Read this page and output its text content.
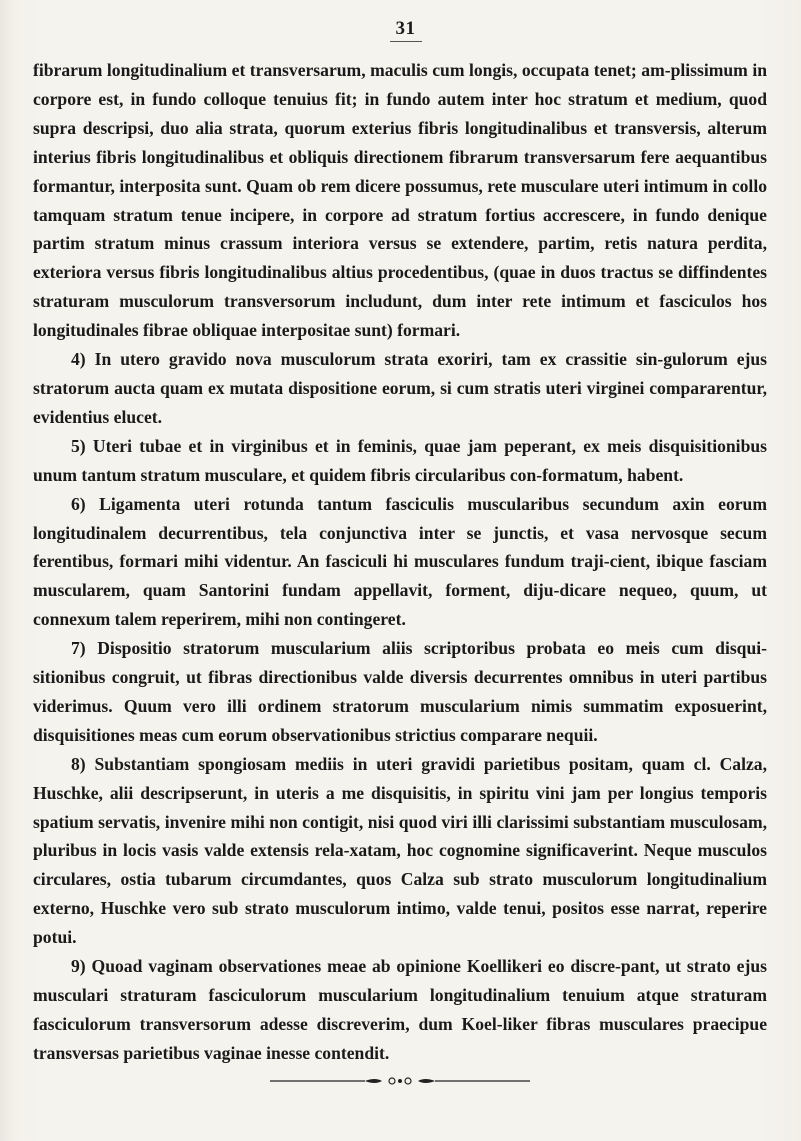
31

fibrarum longitudinalium et transversarum, maculis cum longis, occupata tenet; am-plissimum in corpore est, in fundo colloque tenuius fit; in fundo autem inter hoc stratum et medium, quod supra descripsi, duo alia strata, quorum exterius fibris longitudinalibus et transversis, alterum interius fibris longitudinalibus et obliquis directionem fibrarum transversarum fere aequantibus formantur, interposita sunt. Quam ob rem dicere possumus, rete musculare uteri intimum in collo tamquam stratum tenue incipere, in corpore ad stratum fortius accrescere, in fundo denique partim stratum minus crassum interiora versus se extendere, partim, retis natura perdita, exteriora versus fibris longitudinalibus altius procedentibus, (quae in duos tractus se diffindentes straturam musculorum transversorum includunt, dum inter rete intimum et fasciculos hos longitudinales fibrae obliquae interpositae sunt) formari.

4) In utero gravido nova musculorum strata exoriri, tam ex crassitie sin-gulorum ejus stratorum aucta quam ex mutata dispositione eorum, si cum stratis uteri virginei compararentur, evidentius elucet.

5) Uteri tubae et in virginibus et in feminis, quae jam peperant, ex meis disquisitionibus unum tantum stratum musculare, et quidem fibris circularibus con-formatum, habent.

6) Ligamenta uteri rotunda tantum fasciculis muscularibus secundum axin eorum longitudinalem decurrentibus, tela conjunctiva inter se junctis, et vasa nervosque secum ferentibus, formari mihi videntur. An fasciculi hi musculares fundum traji-cient, ibique fasciam muscularem, quam Santorini fundam appellavit, forment, diju-dicare nequeo, quum, ut connexum talem reperirem, mihi non contingeret.

7) Dispositio stratorum muscularium aliis scriptoribus probata eo meis cum disqui-sitionibus congruit, ut fibras directionibus valde diversis decurrentes omnibus in uteri partibus viderimus. Quum vero illi ordinem stratorum muscularium nimis summatim exposuerint, disquisitiones meas cum eorum observationibus strictius comparare nequii.

8) Substantiam spongiosam mediis in uteri gravidi parietibus positam, quam cl. Calza, Huschke, alii descripserunt, in uteris a me disquisitis, in spiritu vini jam per longius temporis spatium servatis, invenire mihi non contigit, nisi quod viri illi clarissimi substantiam musculosam, pluribus in locis vasis valde extensis rela-xatam, hoc cognomine significaverint. Neque musculos circulares, ostia tubarum circumdantes, quos Calza sub strato musculorum longitudinalium externo, Huschke vero sub strato musculorum intimo, valde tenui, positos esse narrat, reperire potui.

9) Quoad vaginam observationes meae ab opinione Koellikeri eo discre-pant, ut strato ejus musculari straturam fasciculorum muscularium longitudinalium tenuium atque straturam fasciculorum transversorum adesse discreverim, dum Koel-liker fibras musculares praecipue transversas parietibus vaginae inesse contendit.
